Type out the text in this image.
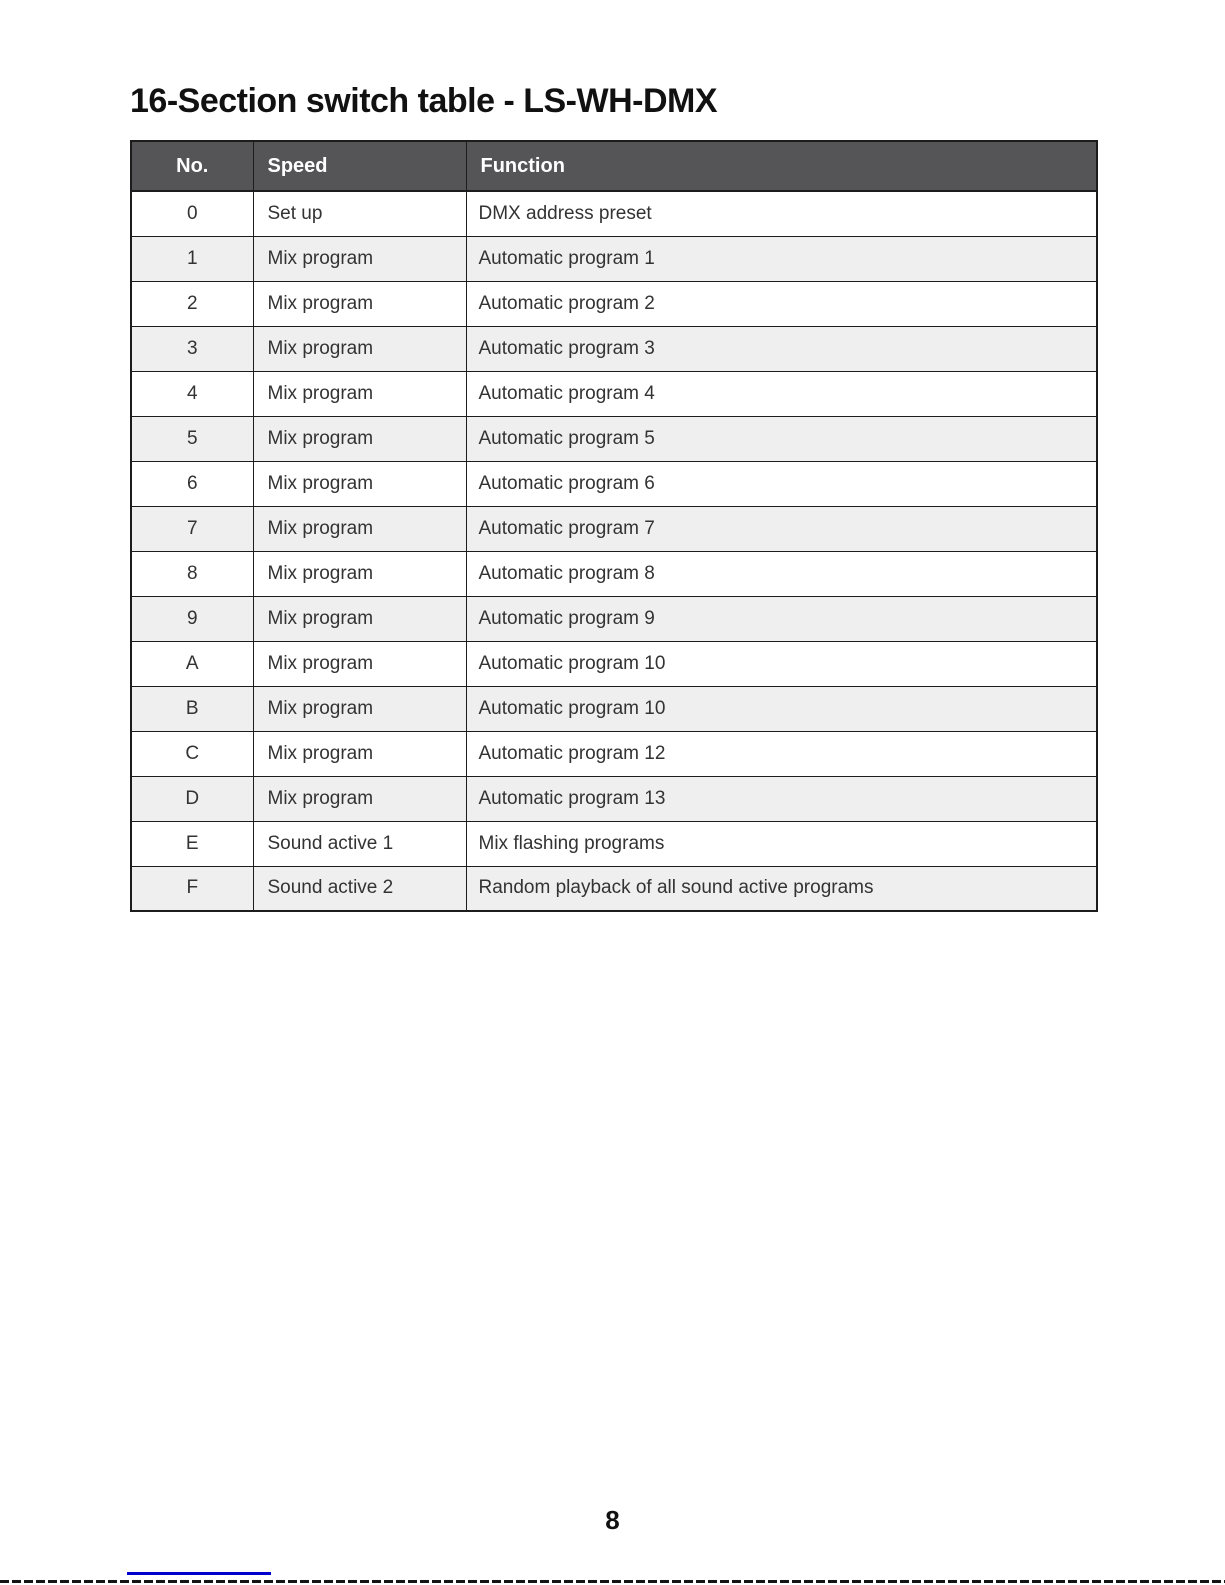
16-Section switch table - LS-WH-DMX
No.	Speed	Function
0	Set up	DMX address preset
1	Mix program	Automatic program 1
2	Mix program	Automatic program 2
3	Mix program	Automatic program 3
4	Mix program	Automatic program 4
5	Mix program	Automatic program 5
6	Mix program	Automatic program 6
7	Mix program	Automatic program 7
8	Mix program	Automatic program 8
9	Mix program	Automatic program 9
A	Mix program	Automatic program 10
B	Mix program	Automatic program 10
C	Mix program	Automatic program 12
D	Mix program	Automatic program 13
E	Sound active 1	Mix flashing programs
F	Sound active 2	Random playback of all sound active programs
8
